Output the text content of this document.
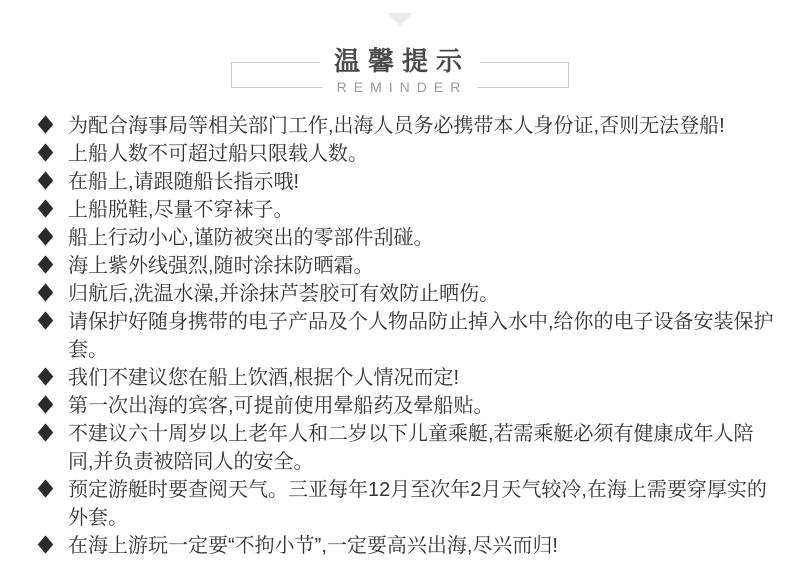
温馨提示
REMINDER
为配合海事局等相关部门工作,出海人员务必携带本人身份证,否则无法登船!
上船人数不可超过船只限载人数。
在船上,请跟随船长指示哦!
上船脱鞋,尽量不穿袜子。
船上行动小心,谨防被突出的零部件刮碰。
海上紫外线强烈,随时涂抹防晒霜。
归航后,洗温水澡,并涂抹芦荟胶可有效防止晒伤。
请保护好随身携带的电子产品及个人物品防止掉入水中,给你的电子设备安装保护套。
我们不建议您在船上饮酒,根据个人情况而定!
第一次出海的宾客,可提前使用晕船药及晕船贴。
不建议六十周岁以上老年人和二岁以下儿童乘艇,若需乘艇必须有健康成年人陪同,并负责被陪同人的安全。
预定游艇时要查阅天气。三亚每年12月至次年2月天气较冷,在海上需要穿厚实的外套。
在海上游玩一定要“不拘小节”,一定要高兴出海,尽兴而归!
